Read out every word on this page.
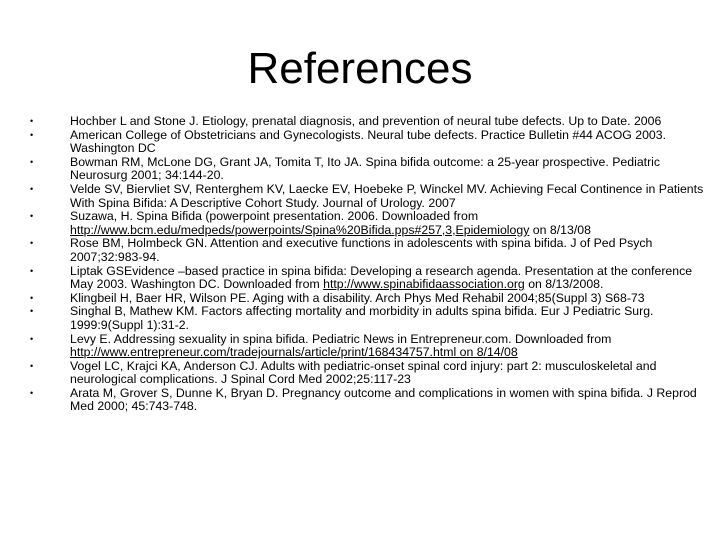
References
•	Hochber L and Stone J. Etiology, prenatal diagnosis, and prevention of neural tube defects. Up to Date. 2006
•	American College of Obstetricians and Gynecologists. Neural tube defects. Practice Bulletin #44 ACOG 2003. Washington DC
•	Bowman RM, McLone DG, Grant JA, Tomita T, Ito JA. Spina bifida outcome: a 25-year prospective. Pediatric Neurosurg 2001; 34:144-20.
•	Velde SV, Biervliet SV, Renterghem KV, Laecke EV, Hoebeke P, Winckel MV. Achieving Fecal Continence in Patients With Spina Bifida: A Descriptive Cohort Study. Journal of Urology. 2007
•	Suzawa, H. Spina Bifida (powerpoint presentation. 2006. Downloaded from http://www.bcm.edu/medpeds/powerpoints/Spina%20Bifida.pps#257,3,Epidemiology on 8/13/08
•	Rose BM, Holmbeck GN. Attention and executive functions in adolescents with spina bifida. J of Ped Psych 2007;32:983-94.
•	Liptak GSEvidence –based practice in spina bifida: Developing a research agenda. Presentation at the conference May 2003. Washington DC. Downloaded from http://www.spinabifidaassociation.org on 8/13/2008.
•	Klingbeil H, Baer HR, Wilson PE. Aging with a disability. Arch Phys Med Rehabil 2004;85(Suppl 3) S68-73
•	Singhal B, Mathew KM. Factors affecting mortality and morbidity in adults spina bifida. Eur J Pediatric Surg. 1999:9(Suppl 1):31-2.
•	Levy E. Addressing sexuality in spina bifida. Pediatric News in Entrepreneur.com. Downloaded from http://www.entrepreneur.com/tradejournals/article/print/168434757.html on 8/14/08
•	Vogel LC, Krajci KA, Anderson CJ. Adults with pediatric-onset spinal cord injury: part 2: musculoskeletal and neurological complications. J Spinal Cord Med 2002;25:117-23
•	Arata M, Grover S, Dunne K, Bryan D. Pregnancy outcome and complications in women with spina bifida. J Reprod Med 2000; 45:743-748.
